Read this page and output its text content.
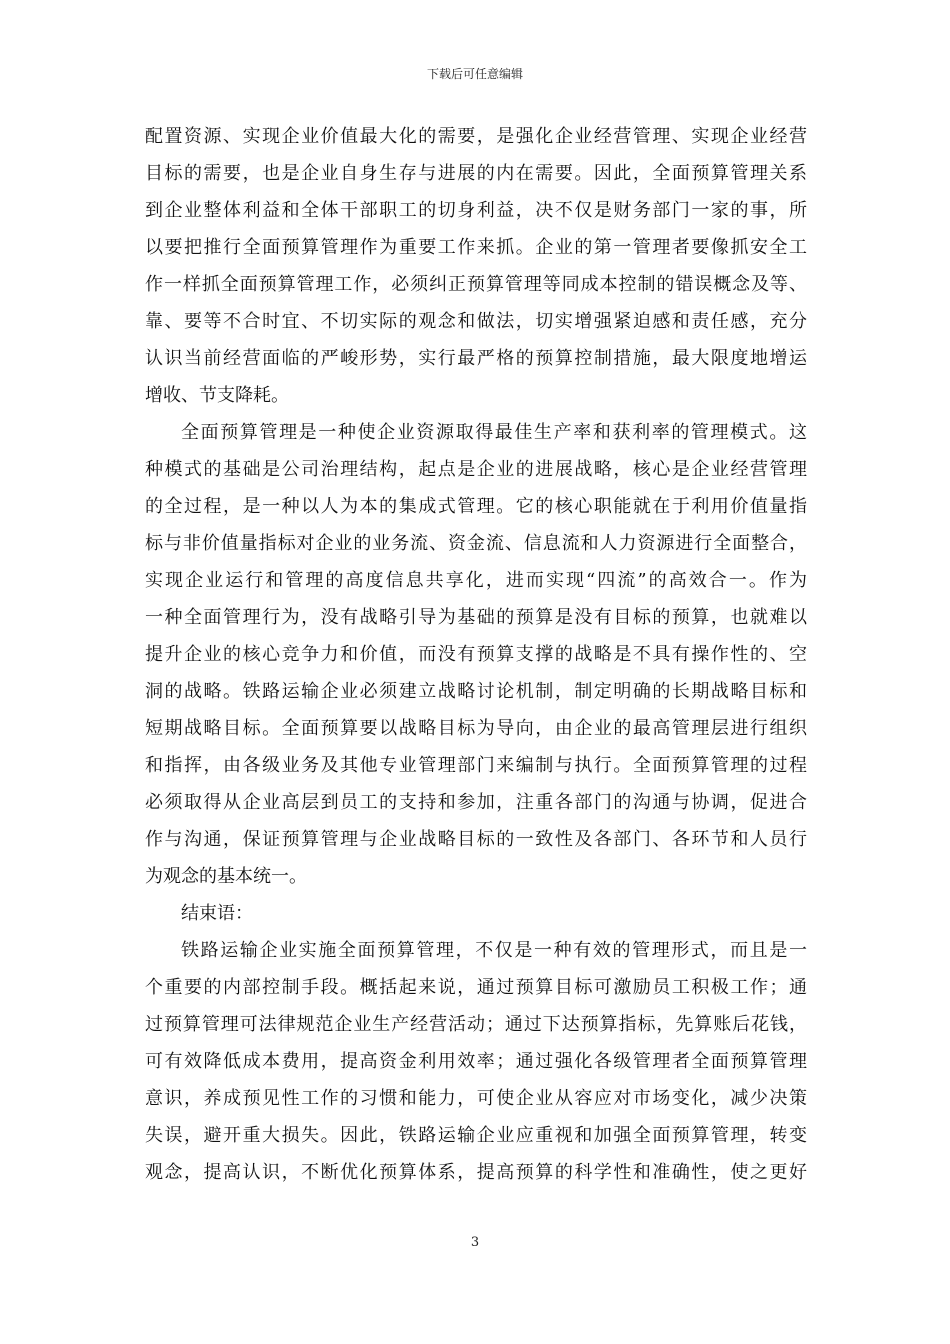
下载后可任意编辑
配置资源、实现企业价值最大化的需要，是强化企业经营管理、实现企业经营
目标的需要，也是企业自身生存与进展的内在需要。因此，全面预算管理关系
到企业整体利益和全体干部职工的切身利益，决不仅是财务部门一家的事，所
以要把推行全面预算管理作为重要工作来抓。企业的第一管理者要像抓安全工
作一样抓全面预算管理工作，必须纠正预算管理等同成本控制的错误概念及等、
靠、要等不合时宜、不切实际的观念和做法，切实增强紧迫感和责任感，充分
认识当前经营面临的严峻形势，实行最严格的预算控制措施，最大限度地增运
增收、节支降耗。
全面预算管理是一种使企业资源取得最佳生产率和获利率的管理模式。这
种模式的基础是公司治理结构，起点是企业的进展战略，核心是企业经营管理
的全过程，是一种以人为本的集成式管理。它的核心职能就在于利用价值量指
标与非价值量指标对企业的业务流、资金流、信息流和人力资源进行全面整合，
实现企业运行和管理的高度信息共享化，进而实现“四流”的高效合一。作为
一种全面管理行为，没有战略引导为基础的预算是没有目标的预算，也就难以
提升企业的核心竞争力和价值，而没有预算支撑的战略是不具有操作性的、空
洞的战略。铁路运输企业必须建立战略讨论机制，制定明确的长期战略目标和
短期战略目标。全面预算要以战略目标为导向，由企业的最高管理层进行组织
和指挥，由各级业务及其他专业管理部门来编制与执行。全面预算管理的过程
必须取得从企业高层到员工的支持和参加，注重各部门的沟通与协调，促进合
作与沟通，保证预算管理与企业战略目标的一致性及各部门、各环节和人员行
为观念的基本统一。
结束语：
铁路运输企业实施全面预算管理，不仅是一种有效的管理形式，而且是一
个重要的内部控制手段。概括起来说，通过预算目标可激励员工积极工作；通
过预算管理可法律规范企业生产经营活动；通过下达预算指标，先算账后花钱，
可有效降低成本费用，提高资金利用效率；通过强化各级管理者全面预算管理
意识，养成预见性工作的习惯和能力，可使企业从容应对市场变化，减少决策
失误，避开重大损失。因此，铁路运输企业应重视和加强全面预算管理，转变
观念，提高认识，不断优化预算体系，提高预算的科学性和准确性，使之更好
3
